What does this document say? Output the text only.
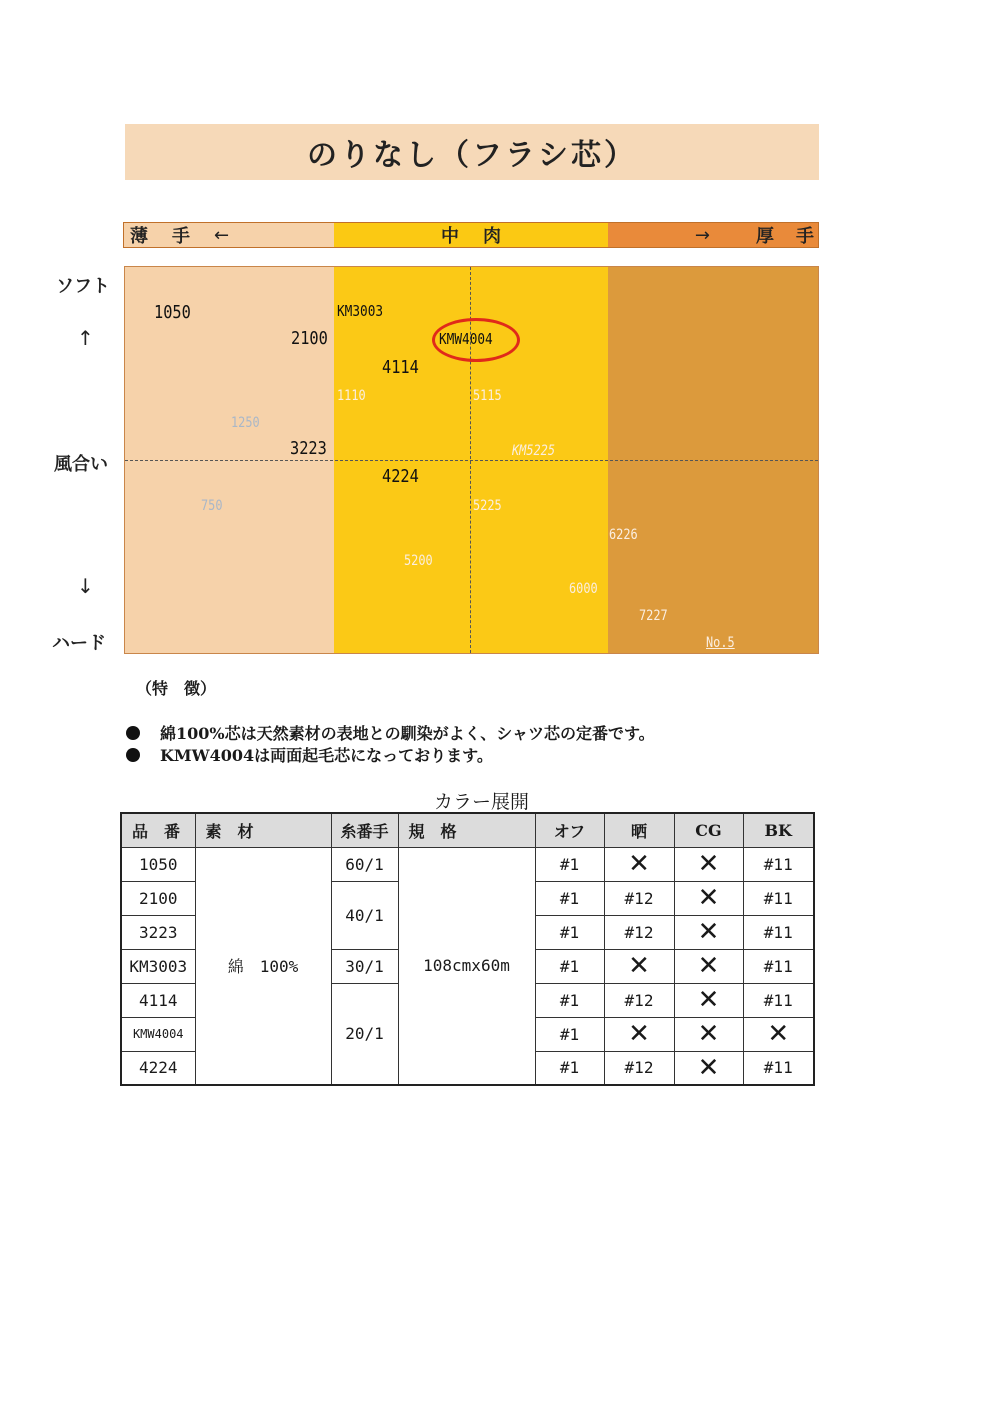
のりなし（フラシ芯）
薄 手 ←	中 肉	→	厚 手
ソフト
↑
風合い
↓
ハード
1050	KM3003
2100	KMW4004
4114
1110	5115
1250
3223	KM5225
4224
750	5225
6226
5200
6000
7227
No.5
（特　徴）
綿100%芯は天然素材の表地との馴染がよく、シャツ芯の定番です。
KMW4004は両面起毛芯になっております。
カラー展開
品　番	素　材	糸番手	規　格	オフ	晒	CG	BK
1050	綿　100%	60/1	108cmx60m	#1	✕	✕	#11
2100		40/1		#1	#12	✕	#11
3223				#1	#12	✕	#11
KM3003		30/1		#1	✕	✕	#11
4114		20/1		#1	#12	✕	#11
KMW4004				#1	✕	✕	✕
4224				#1	#12	✕	#11
